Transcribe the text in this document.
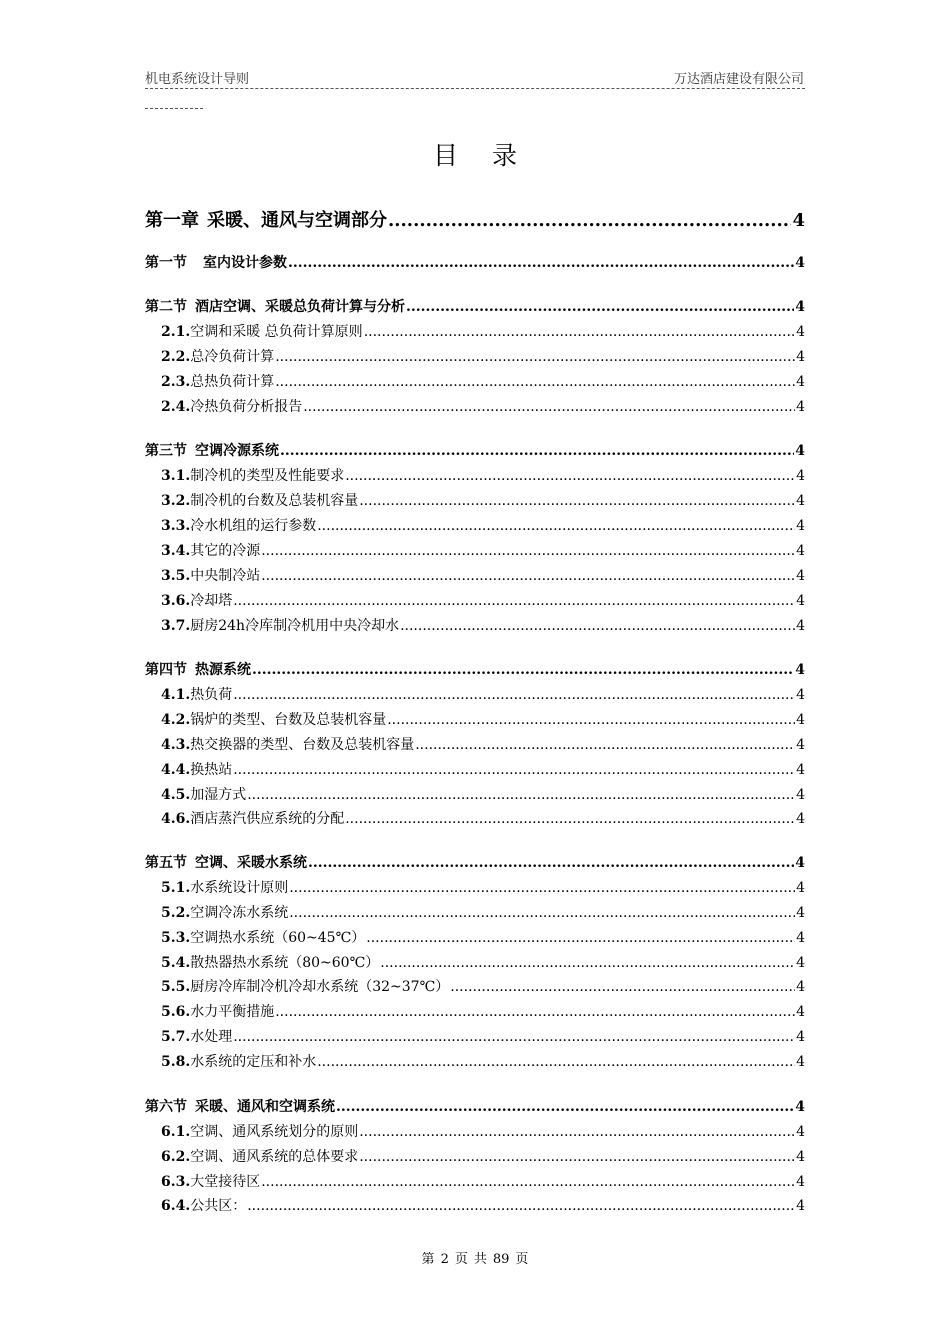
机电系统设计导则	万达酒店建设有限公司
目录
第一章 采暖、通风与空调部分 .....	4
第一节 室内设计参数 .....	4
第二节 酒店空调、采暖总负荷计算与分析 .....	4
2.1. 空调和采暖 总负荷计算原则 .....	4
2.2. 总冷负荷计算 .....	4
2.3. 总热负荷计算 .....	4
2.4. 冷热负荷分析报告 .....	4
第三节 空调冷源系统 .....	4
3.1. 制冷机的类型及性能要求 .....	4
3.2. 制冷机的台数及总装机容量 .....	4
3.3. 冷水机组的运行参数 .....	4
3.4. 其它的冷源 .....	4
3.5. 中央制冷站 .....	4
3.6. 冷却塔 .....	4
3.7. 厨房24h冷库制冷机用中央冷却水 .....	4
第四节 热源系统 .....	4
4.1. 热负荷 .....	4
4.2. 锅炉的类型、台数及总装机容量 .....	4
4.3. 热交换器的类型、台数及总装机容量 .....	4
4.4. 换热站 .....	4
4.5. 加湿方式 .....	4
4.6. 酒店蒸汽供应系统的分配 .....	4
第五节 空调、采暖水系统 .....	4
5.1. 水系统设计原则 .....	4
5.2. 空调冷冻水系统 .....	4
5.3. 空调热水系统（60~45℃） .....	4
5.4. 散热器热水系统（80~60℃） .....	4
5.5. 厨房冷库制冷机冷却水系统（32~37℃） .....	4
5.6. 水力平衡措施 .....	4
5.7. 水处理 .....	4
5.8. 水系统的定压和补水 .....	4
第六节 采暖、通风和空调系统 .....	4
6.1. 空调、通风系统划分的原则 .....	4
6.2. 空调、通风系统的总体要求 .....	4
6.3. 大堂接待区 .....	4
6.4. 公共区： .....	4
第 2 页 共 89 页
